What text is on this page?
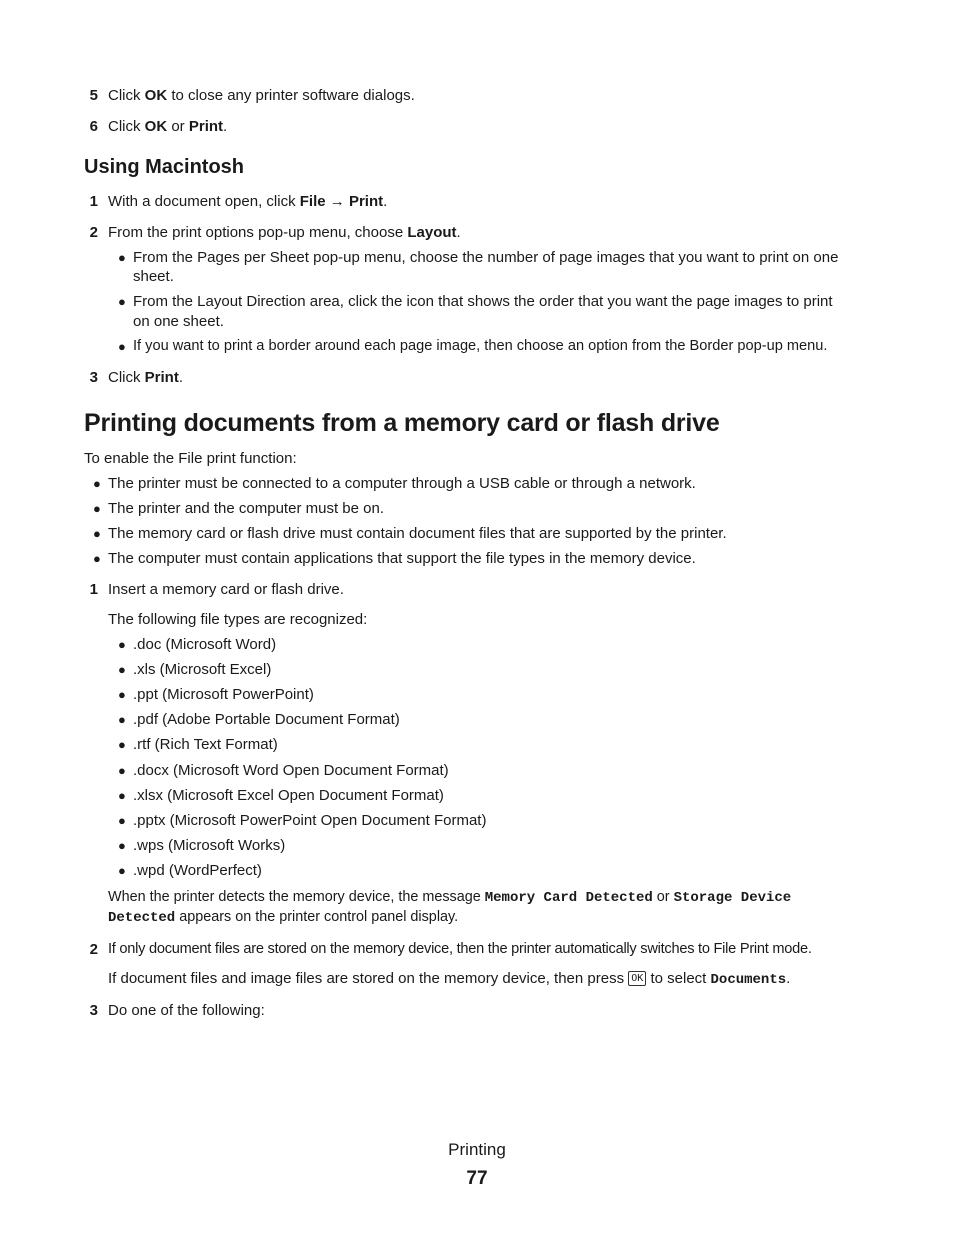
5 Click OK to close any printer software dialogs.
6 Click OK or Print.
Using Macintosh
1 With a document open, click File → Print.
2 From the print options pop-up menu, choose Layout.
● From the Pages per Sheet pop-up menu, choose the number of page images that you want to print on one
sheet.
● From the Layout Direction area, click the icon that shows the order that you want the page images to print
on one sheet.
● If you want to print a border around each page image, then choose an option from the Border pop-up menu.
3 Click Print.
Printing documents from a memory card or flash drive
To enable the File print function:
● The printer must be connected to a computer through a USB cable or through a network.
● The printer and the computer must be on.
● The memory card or flash drive must contain document files that are supported by the printer.
● The computer must contain applications that support the file types in the memory device.
1 Insert a memory card or flash drive.
The following file types are recognized:
● .doc (Microsoft Word)
● .xls (Microsoft Excel)
● .ppt (Microsoft PowerPoint)
● .pdf (Adobe Portable Document Format)
● .rtf (Rich Text Format)
● .docx (Microsoft Word Open Document Format)
● .xlsx (Microsoft Excel Open Document Format)
● .pptx (Microsoft PowerPoint Open Document Format)
● .wps (Microsoft Works)
● .wpd (WordPerfect)
When the printer detects the memory device, the message Memory Card Detected or Storage Device
Detected appears on the printer control panel display.
2 If only document files are stored on the memory device, then the printer automatically switches to File Print mode.
If document files and image files are stored on the memory device, then press OK to select Documents.
3 Do one of the following:
Printing
77
